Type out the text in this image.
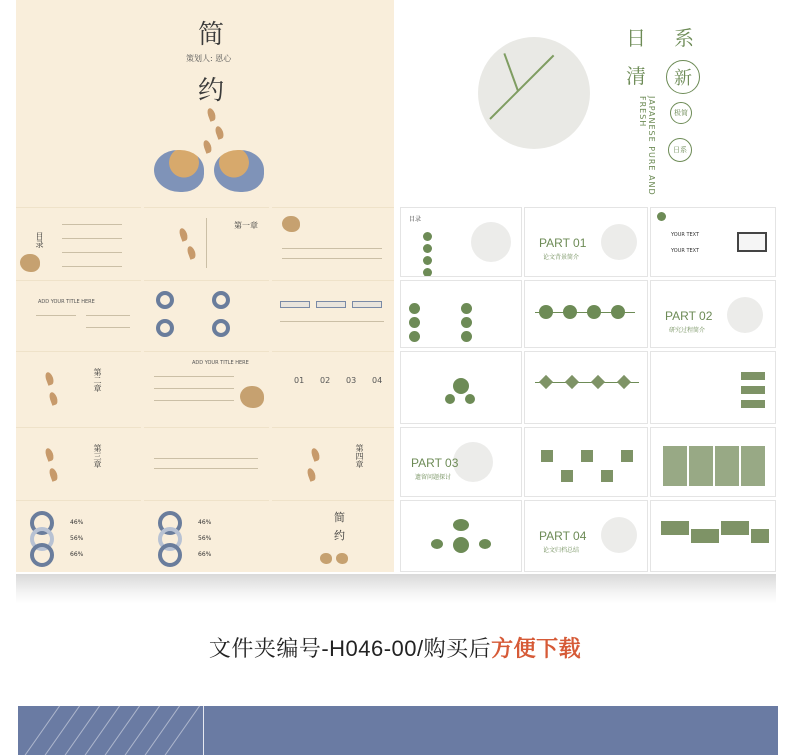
简
策划人: 恩心
约
目录
第一章
ADD YOUR TITLE HERE
第二章
ADD YOUR TITLE HERE
01 02 03 04
第三章	第四章
46%
56%
66%
46%
56%
66%
简
约
日
清
系
新
JAPANESE PURE AND FRESH	极简
日系
目录
PART 01
论文背景简介
YOUR TEXT
YOUR TEXT
PART 02
研究过程简介
PART 03
遗留问题探讨
PART 04
论文归档总结
文件夹编号-H046-00/购买后方便下载
